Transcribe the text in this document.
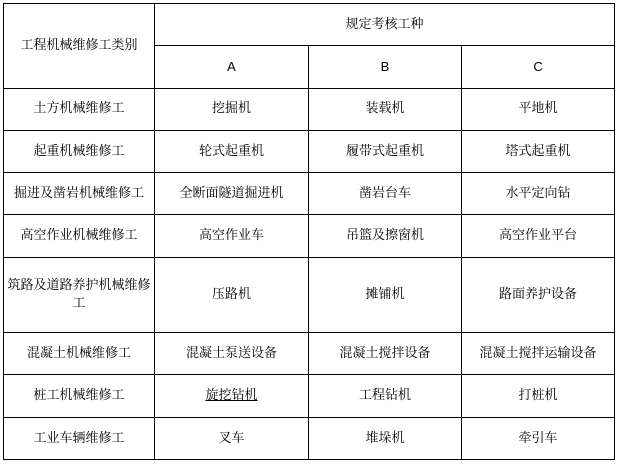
工程机械维修工类别	规定考核工种		
	A	B	C
土方机械维修工	挖掘机	装载机	平地机
起重机械维修工	轮式起重机	履带式起重机	塔式起重机
掘进及凿岩机械维修工	全断面隧道掘进机	凿岩台车	水平定向钻
高空作业机械维修工	高空作业车	吊篮及擦窗机	高空作业平台
筑路及道路养护机械维修工	压路机	摊铺机	路面养护设备
混凝土机械维修工	混凝土泵送设备	混凝土搅拌设备	混凝土搅拌运输设备
桩工机械维修工	旋挖钻机	工程钻机	打桩机
工业车辆维修工	叉车	堆垛机	牵引车
